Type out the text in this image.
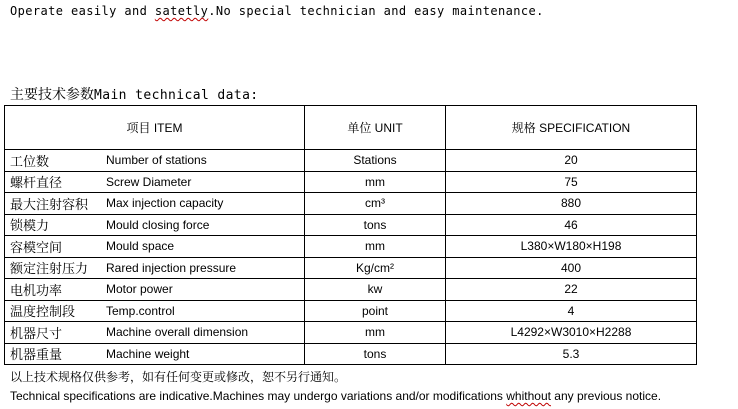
Operate easily and satetly.No special technician and easy maintenance.
主要技术参数Main technical data:
项目 ITEM	单位 UNIT	规格 SPECIFICATION

工位数 Number of stations	Stations	20

螺杆直径 Screw Diameter	mm	75

最大注射容积 Max injection capacity	cm³	880

锁模力 Mould closing force	tons	46

容模空间 Mould space	mm	L380×W180×H198

额定注射压力 Rared injection pressure	Kg/cm²	400

电机功率 Motor power	kw	22

温度控制段 Temp.control	point	4

机器尺寸 Machine overall dimension	mm	L4292×W3010×H2288

机器重量 Machine weight	tons	5.3
以上技术规格仅供参考，如有任何变更或修改，恕不另行通知。
Technical specifications are indicative.Machines may undergo variations and/or modifications whithout any previous notice.
